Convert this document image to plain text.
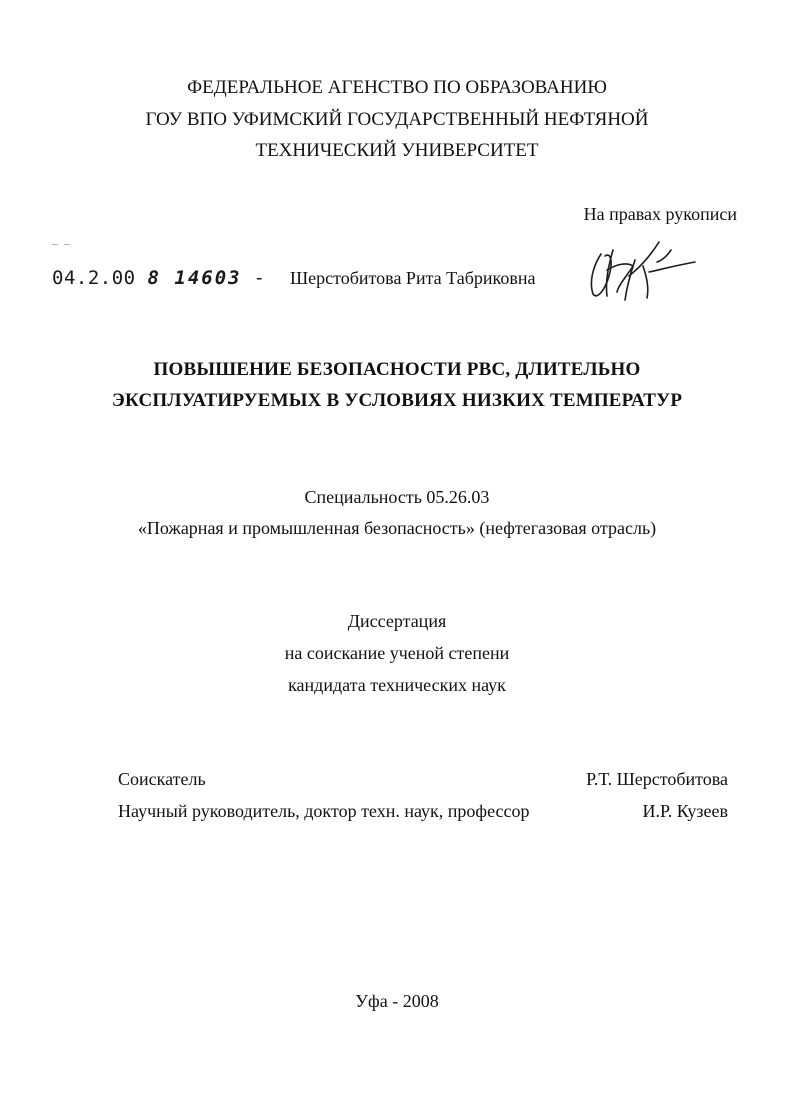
ФЕДЕРАЛЬНОЕ АГЕНСТВО ПО ОБРАЗОВАНИЮ
ГОУ ВПО УФИМСКИЙ ГОСУДАРСТВЕННЫЙ НЕФТЯНОЙ
ТЕХНИЧЕСКИЙ УНИВЕРСИТЕТ
На правах рукописи
‾ ‾
04.2.00 8 14603 - Шерстобитова Рита Табриковна
ПОВЫШЕНИЕ БЕЗОПАСНОСТИ РВС, ДЛИТЕЛЬНО
ЭКСПЛУАТИРУЕМЫХ В УСЛОВИЯХ НИЗКИХ ТЕМПЕРАТУР
Специальность 05.26.03
«Пожарная и промышленная безопасность» (нефтегазовая отрасль)
Диссертация
на соискание ученой степени
кандидата технических наук
Соискатель	Р.Т. Шерстобитова
Научный руководитель, доктор техн. наук, профессор	И.Р. Кузеев
Уфа - 2008
